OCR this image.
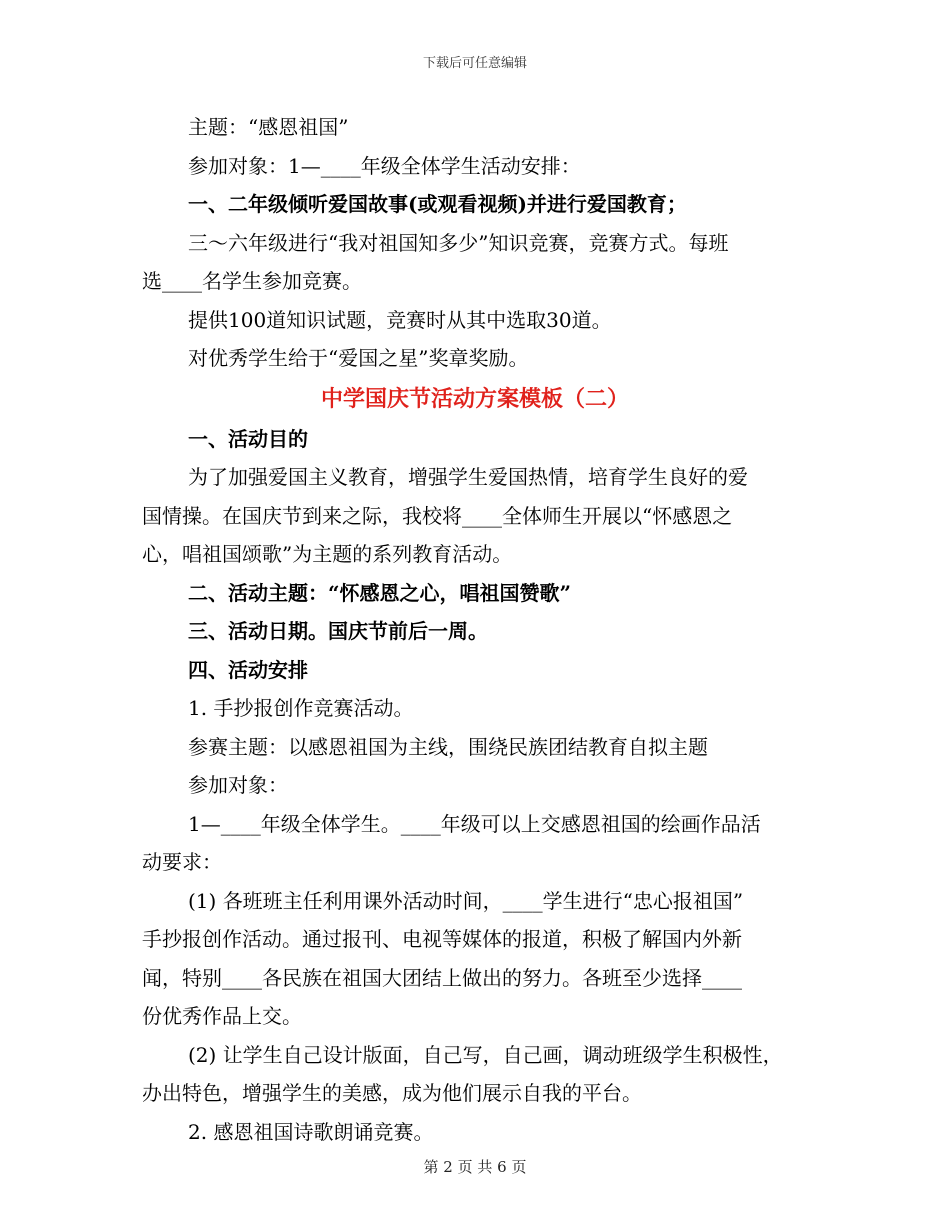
下载后可任意编辑

主题：“感恩祖国”

参加对象：1—____年级全体学生活动安排：

一、二年级倾听爱国故事(或观看视频)并进行爱国教育；

三～六年级进行“我对祖国知多少”知识竞赛，竞赛方式。每班
选____名学生参加竞赛。

提供100道知识试题，竞赛时从其中选取30道。

对优秀学生给于“爱国之星”奖章奖励。

中学国庆节活动方案模板（二）

一、活动目的

为了加强爱国主义教育，增强学生爱国热情，培育学生良好的爱
国情操。在国庆节到来之际，我校将____全体师生开展以“怀感恩之
心，唱祖国颂歌”为主题的系列教育活动。

二、活动主题：“怀感恩之心，唱祖国赞歌”

三、活动日期。国庆节前后一周。

四、活动安排

1. 手抄报创作竞赛活动。

参赛主题：以感恩祖国为主线，围绕民族团结教育自拟主题

参加对象：

1—____年级全体学生。____年级可以上交感恩祖国的绘画作品活
动要求：

(1) 各班班主任利用课外活动时间，____学生进行“忠心报祖国”
手抄报创作活动。通过报刊、电视等媒体的报道，积极了解国内外新
闻，特别____各民族在祖国大团结上做出的努力。各班至少选择____
份优秀作品上交。

(2) 让学生自己设计版面，自己写，自己画，调动班级学生积极性，
办出特色，增强学生的美感，成为他们展示自我的平台。

2. 感恩祖国诗歌朗诵竞赛。

第 2 页 共 6 页
